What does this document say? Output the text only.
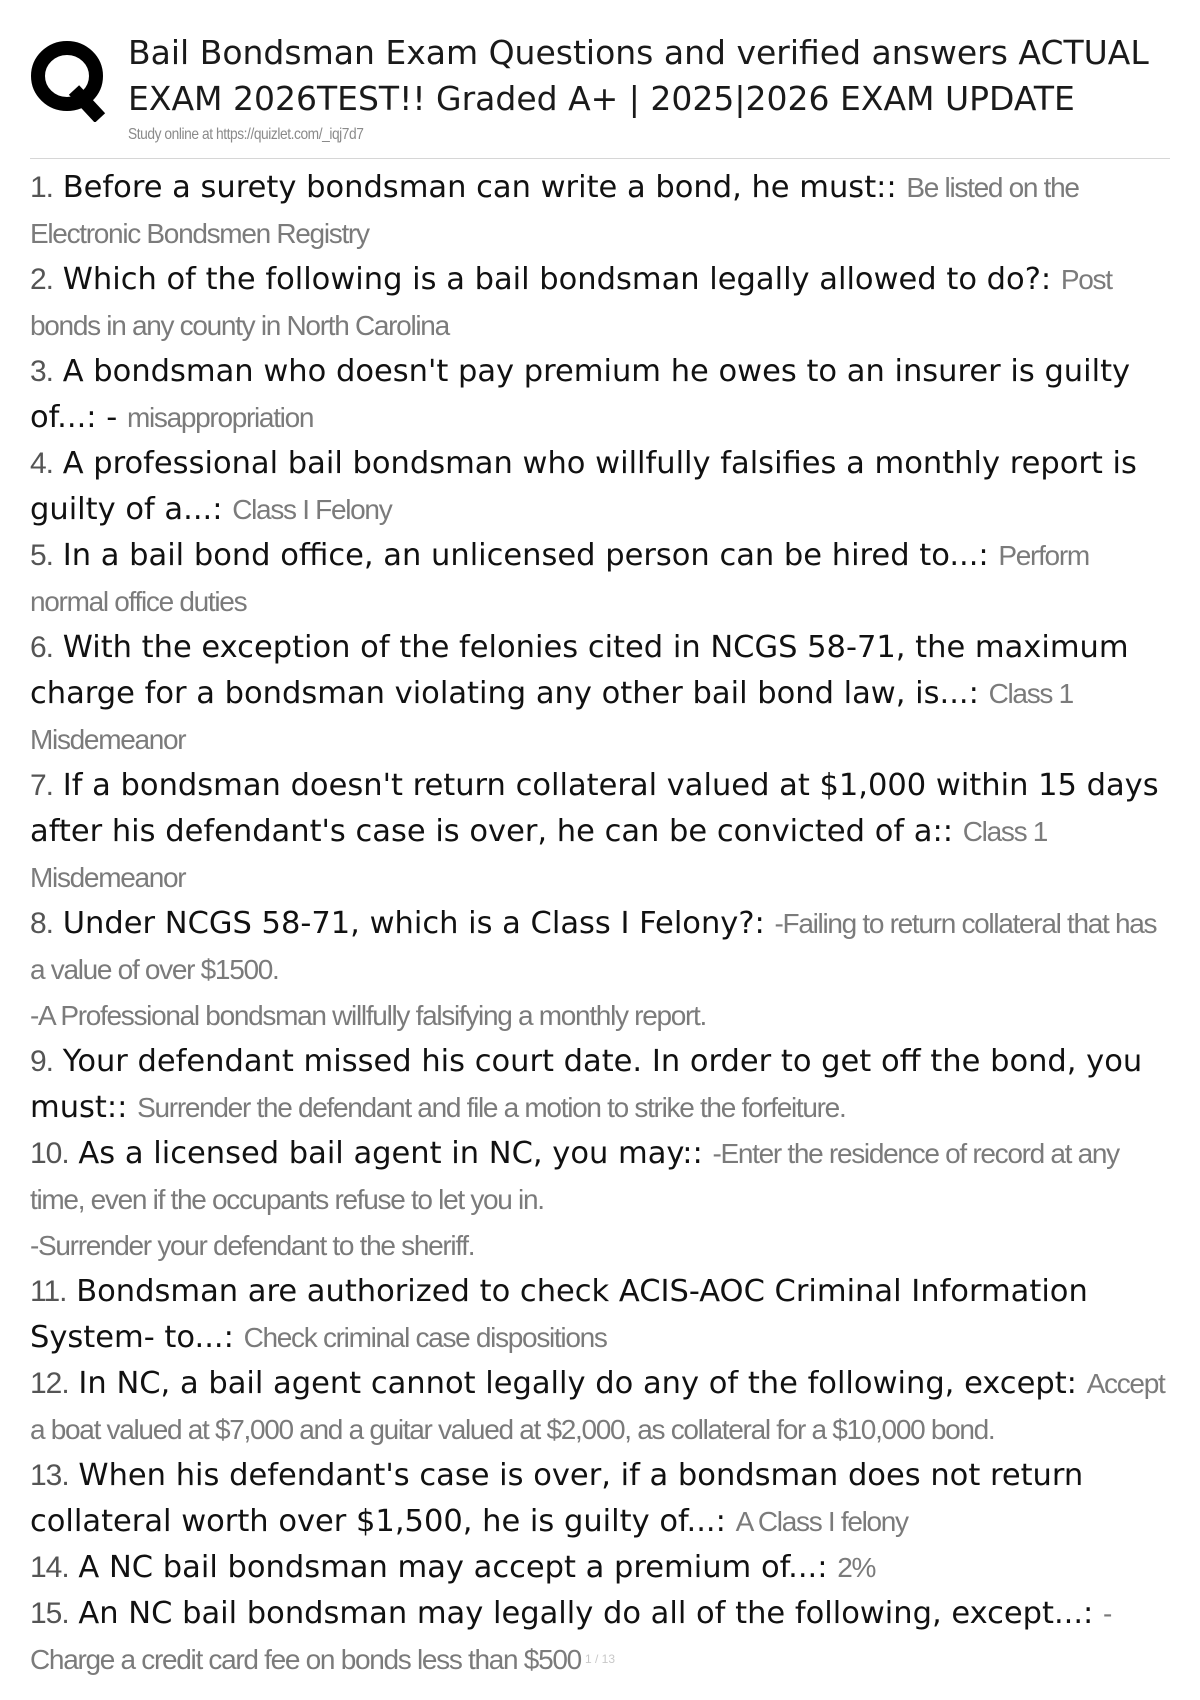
Bail Bondsman Exam Questions and verified answers ACTUAL EXAM 2026TEST!! Graded A+ | 2025|2026 EXAM UPDATE
Study online at https://quizlet.com/_iqj7d7
1. Before a surety bondsman can write a bond, he must:: Be listed on the Electronic Bondsmen Registry
2. Which of the following is a bail bondsman legally allowed to do?: Post bonds in any county in North Carolina
3. A bondsman who doesn't pay premium he owes to an insurer is guilty of...: - misappropriation
4. A professional bail bondsman who willfully falsifies a monthly report is guilty of a...: Class I Felony
5. In a bail bond office, an unlicensed person can be hired to...: Perform normal office duties
6. With the exception of the felonies cited in NCGS 58-71, the maximum charge for a bondsman violating any other bail bond law, is...: Class 1 Misdemeanor
7. If a bondsman doesn't return collateral valued at $1,000 within 15 days after his defendant's case is over, he can be convicted of a:: Class 1 Misdemeanor
8. Under NCGS 58-71, which is a Class I Felony?: -Failing to return collateral that has a value of over $1500.
-A Professional bondsman willfully falsifying a monthly report.
9. Your defendant missed his court date. In order to get off the bond, you must:: Surrender the defendant and file a motion to strike the forfeiture.
10. As a licensed bail agent in NC, you may:: -Enter the residence of record at any time, even if the occupants refuse to let you in.
-Surrender your defendant to the sheriff.
11. Bondsman are authorized to check ACIS-AOC Criminal Information System- to...: Check criminal case dispositions
12. In NC, a bail agent cannot legally do any of the following, except: Accept a boat valued at $7,000 and a guitar valued at $2,000, as collateral for a $10,000 bond.
13. When his defendant's case is over, if a bondsman does not return collateral worth over $1,500, he is guilty of...: A Class I felony
14. A NC bail bondsman may accept a premium of...: 2%
15. An NC bail bondsman may legally do all of the following, except...: -Charge a credit card fee on bonds less than $500 1 / 13
